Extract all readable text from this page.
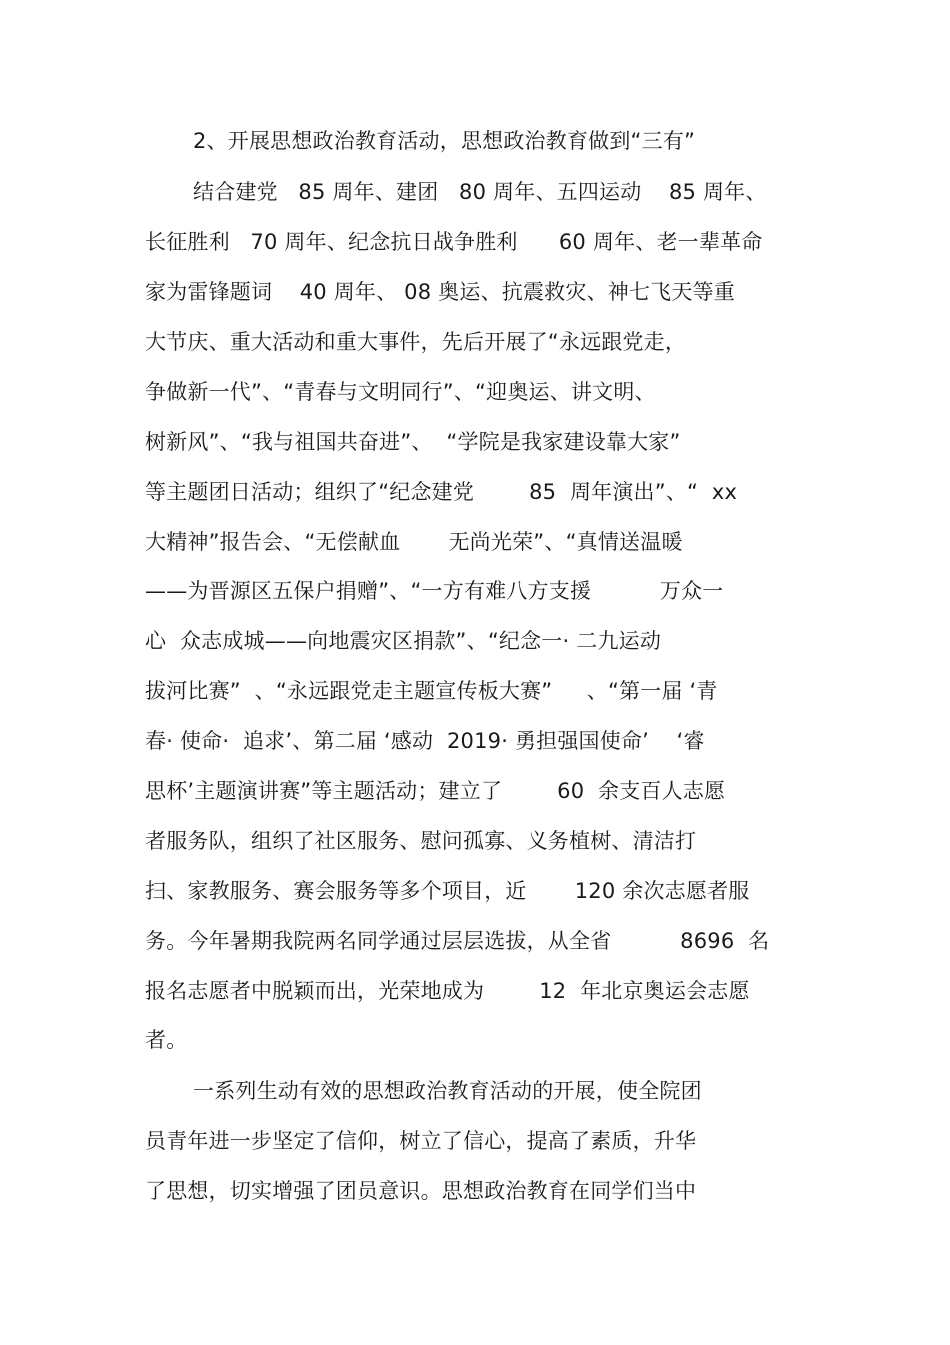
2、开展思想政治教育活动，思想政治教育做到“三有”
结合建党   85 周年、建团   80 周年、五四运动    85 周年、
长征胜利   70 周年、纪念抗日战争胜利      60 周年、老一辈革命
家为雷锋题词    40 周年、 08 奥运、抗震救灾、神七飞天等重
大节庆、重大活动和重大事件，先后开展了“永远跟党走，
争做新一代”、“青春与文明同行”、“迎奥运、讲文明、
树新风”、“我与祖国共奋进”、  “学院是我家建设靠大家”
等主题团日活动；组织了“纪念建党        85  周年演出”、“  xx
大精神”报告会、“无偿献血       无尚光荣”、“真情送温暖
——为晋源区五保户捐赠”、“一方有难八方支援          万众一
心  众志成城——向地震灾区捐款”、“纪念一· 二九运动
拔河比赛”  、“永远跟党走主题宣传板大赛”     、“第一届 ‘青
春· 使命·  追求’、第二届 ‘感动  2019· 勇担强国使命’    ‘睿
思杯’主题演讲赛”等主题活动；建立了        60  余支百人志愿
者服务队，组织了社区服务、慰问孤寡、义务植树、清洁打
扫、家教服务、赛会服务等多个项目，近       120 余次志愿者服
务。今年暑期我院两名同学通过层层选拔，从全省          8696  名
报名志愿者中脱颖而出，光荣地成为        12  年北京奥运会志愿
者。
一系列生动有效的思想政治教育活动的开展，使全院团
员青年进一步坚定了信仰，树立了信心，提高了素质，升华
了思想，切实增强了团员意识。思想政治教育在同学们当中
